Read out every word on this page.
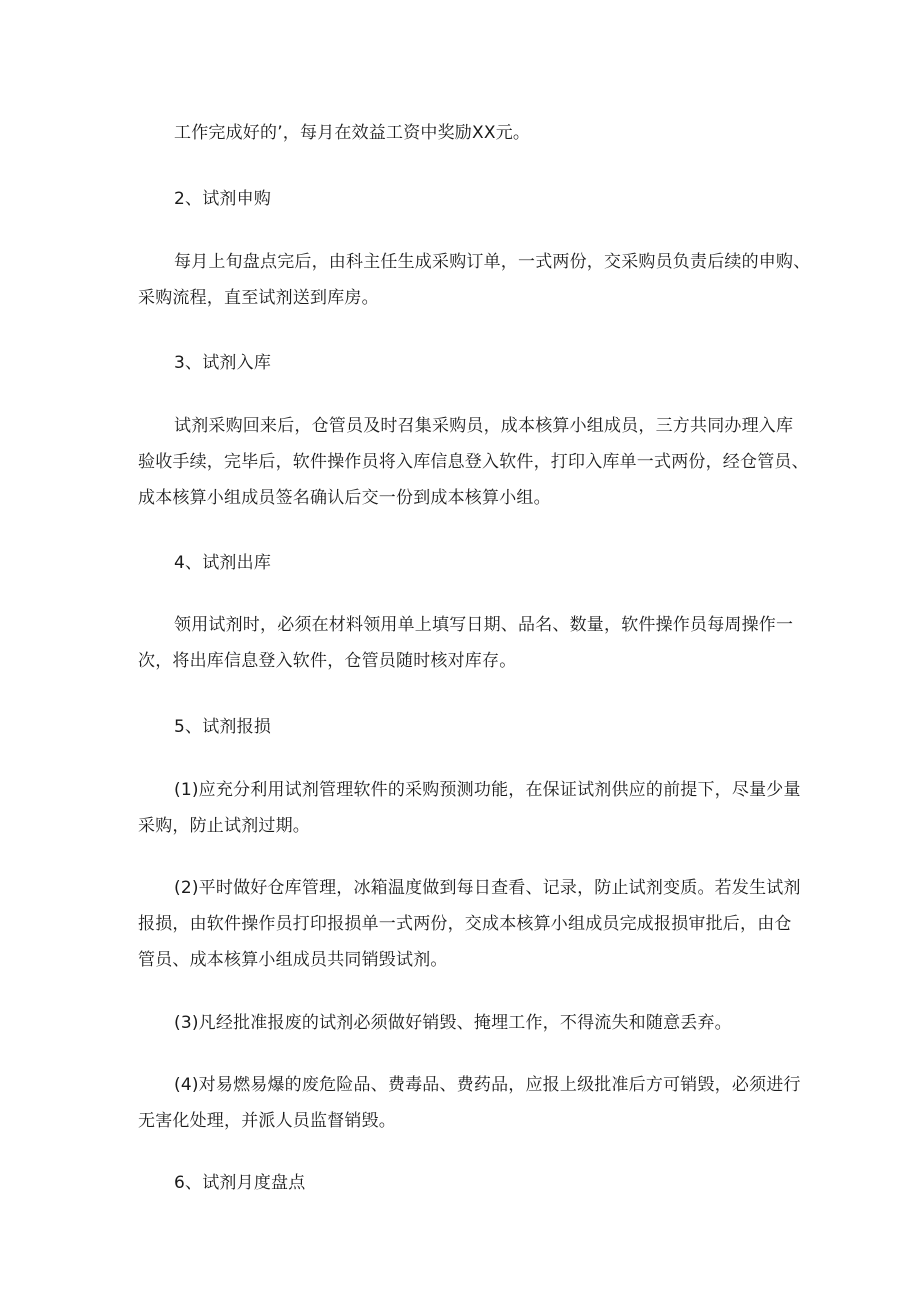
工作完成好的’，每月在效益工资中奖励XX元。
2、试剂申购
每月上旬盘点完后，由科主任生成采购订单，一式两份，交采购员负责后续的申购、
采购流程，直至试剂送到库房。
3、试剂入库
试剂采购回来后，仓管员及时召集采购员，成本核算小组成员，三方共同办理入库
验收手续，完毕后，软件操作员将入库信息登入软件，打印入库单一式两份，经仓管员、
成本核算小组成员签名确认后交一份到成本核算小组。
4、试剂出库
领用试剂时，必须在材料领用单上填写日期、品名、数量，软件操作员每周操作一
次，将出库信息登入软件，仓管员随时核对库存。
5、试剂报损
(1)应充分利用试剂管理软件的采购预测功能，在保证试剂供应的前提下，尽量少量
采购，防止试剂过期。
(2)平时做好仓库管理，冰箱温度做到每日查看、记录，防止试剂变质。若发生试剂
报损，由软件操作员打印报损单一式两份，交成本核算小组成员完成报损审批后，由仓
管员、成本核算小组成员共同销毁试剂。
(3)凡经批准报废的试剂必须做好销毁、掩埋工作，不得流失和随意丢弃。
(4)对易燃易爆的废危险品、费毒品、费药品，应报上级批准后方可销毁，必须进行
无害化处理，并派人员监督销毁。
6、试剂月度盘点
